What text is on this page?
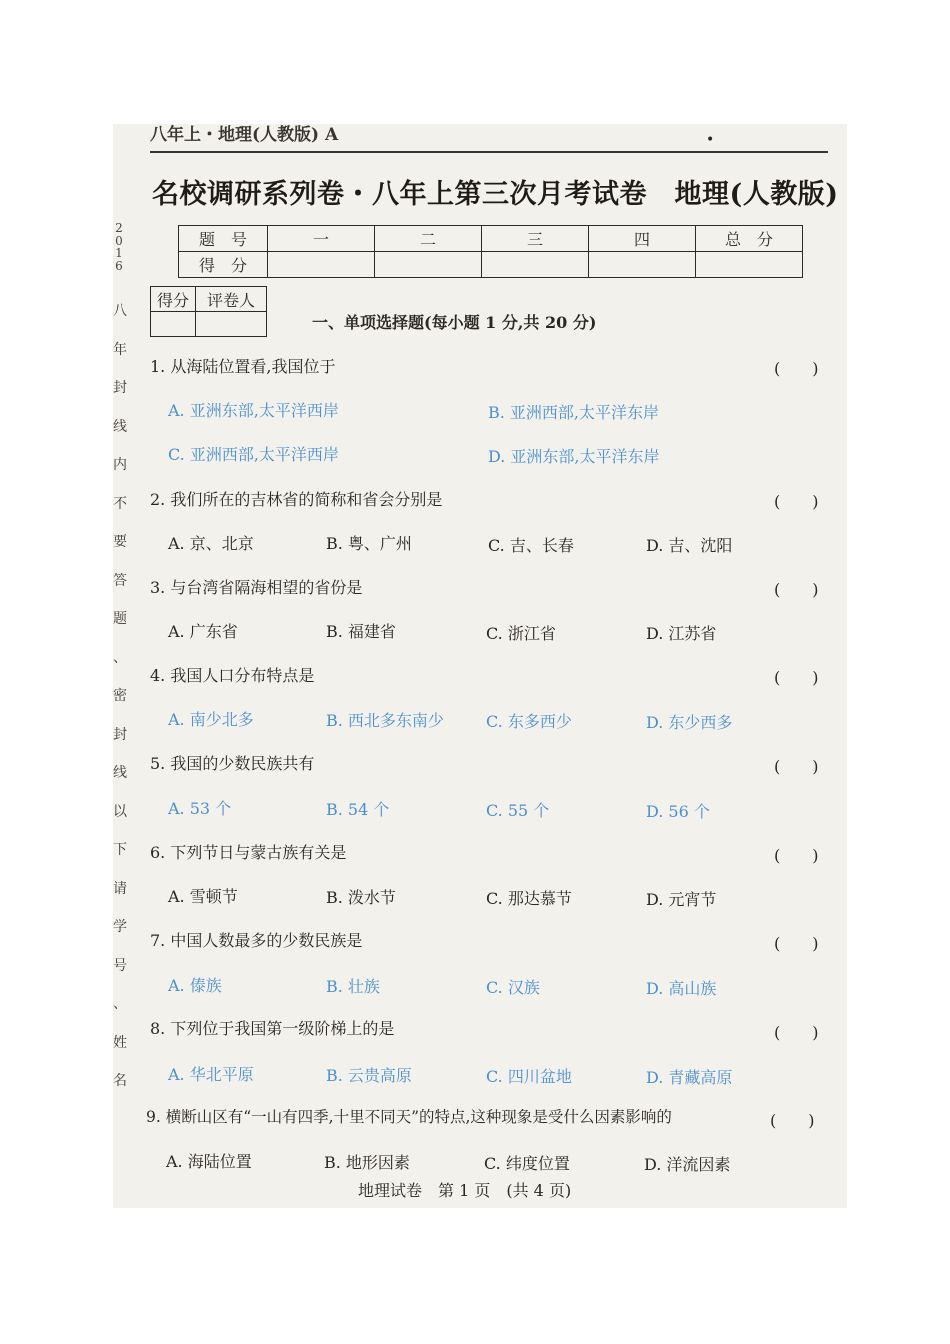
八年上・地理(人教版) A	•
名校调研系列卷・八年上第三次月考试卷　地理(人教版)
2016
八
年
封
线
内
不
要
答
题
、
密
封
线
以
下
请
学
号
、
姓
名
题　号	一	二	三	四	总　分
得　分					
得分	评卷人

一、单项选择题(每小题 1 分,共 20 分)
1. 从海陆位置看,我国位于	(　　)
A. 亚洲东部,太平洋西岸	B. 亚洲西部,太平洋东岸
C. 亚洲西部,太平洋西岸	D. 亚洲东部,太平洋东岸
2. 我们所在的吉林省的简称和省会分别是	(　　)
A. 京、北京	B. 粤、广州	C. 吉、长春	D. 吉、沈阳
3. 与台湾省隔海相望的省份是	(　　)
A. 广东省	B. 福建省	C. 浙江省	D. 江苏省
4. 我国人口分布特点是	(　　)
A. 南少北多	B. 西北多东南少	C. 东多西少	D. 东少西多
5. 我国的少数民族共有	(　　)
A. 53 个	B. 54 个	C. 55 个	D. 56 个
6. 下列节日与蒙古族有关是	(　　)
A. 雪顿节	B. 泼水节	C. 那达慕节	D. 元宵节
7. 中国人数最多的少数民族是	(　　)
A. 傣族	B. 壮族	C. 汉族	D. 高山族
8. 下列位于我国第一级阶梯上的是	(　　)
A. 华北平原	B. 云贵高原	C. 四川盆地	D. 青藏高原
9. 横断山区有“一山有四季,十里不同天”的特点,这种现象是受什么因素影响的	(　　)
A. 海陆位置	B. 地形因素	C. 纬度位置	D. 洋流因素
地理试卷　第 1 页　(共 4 页)
